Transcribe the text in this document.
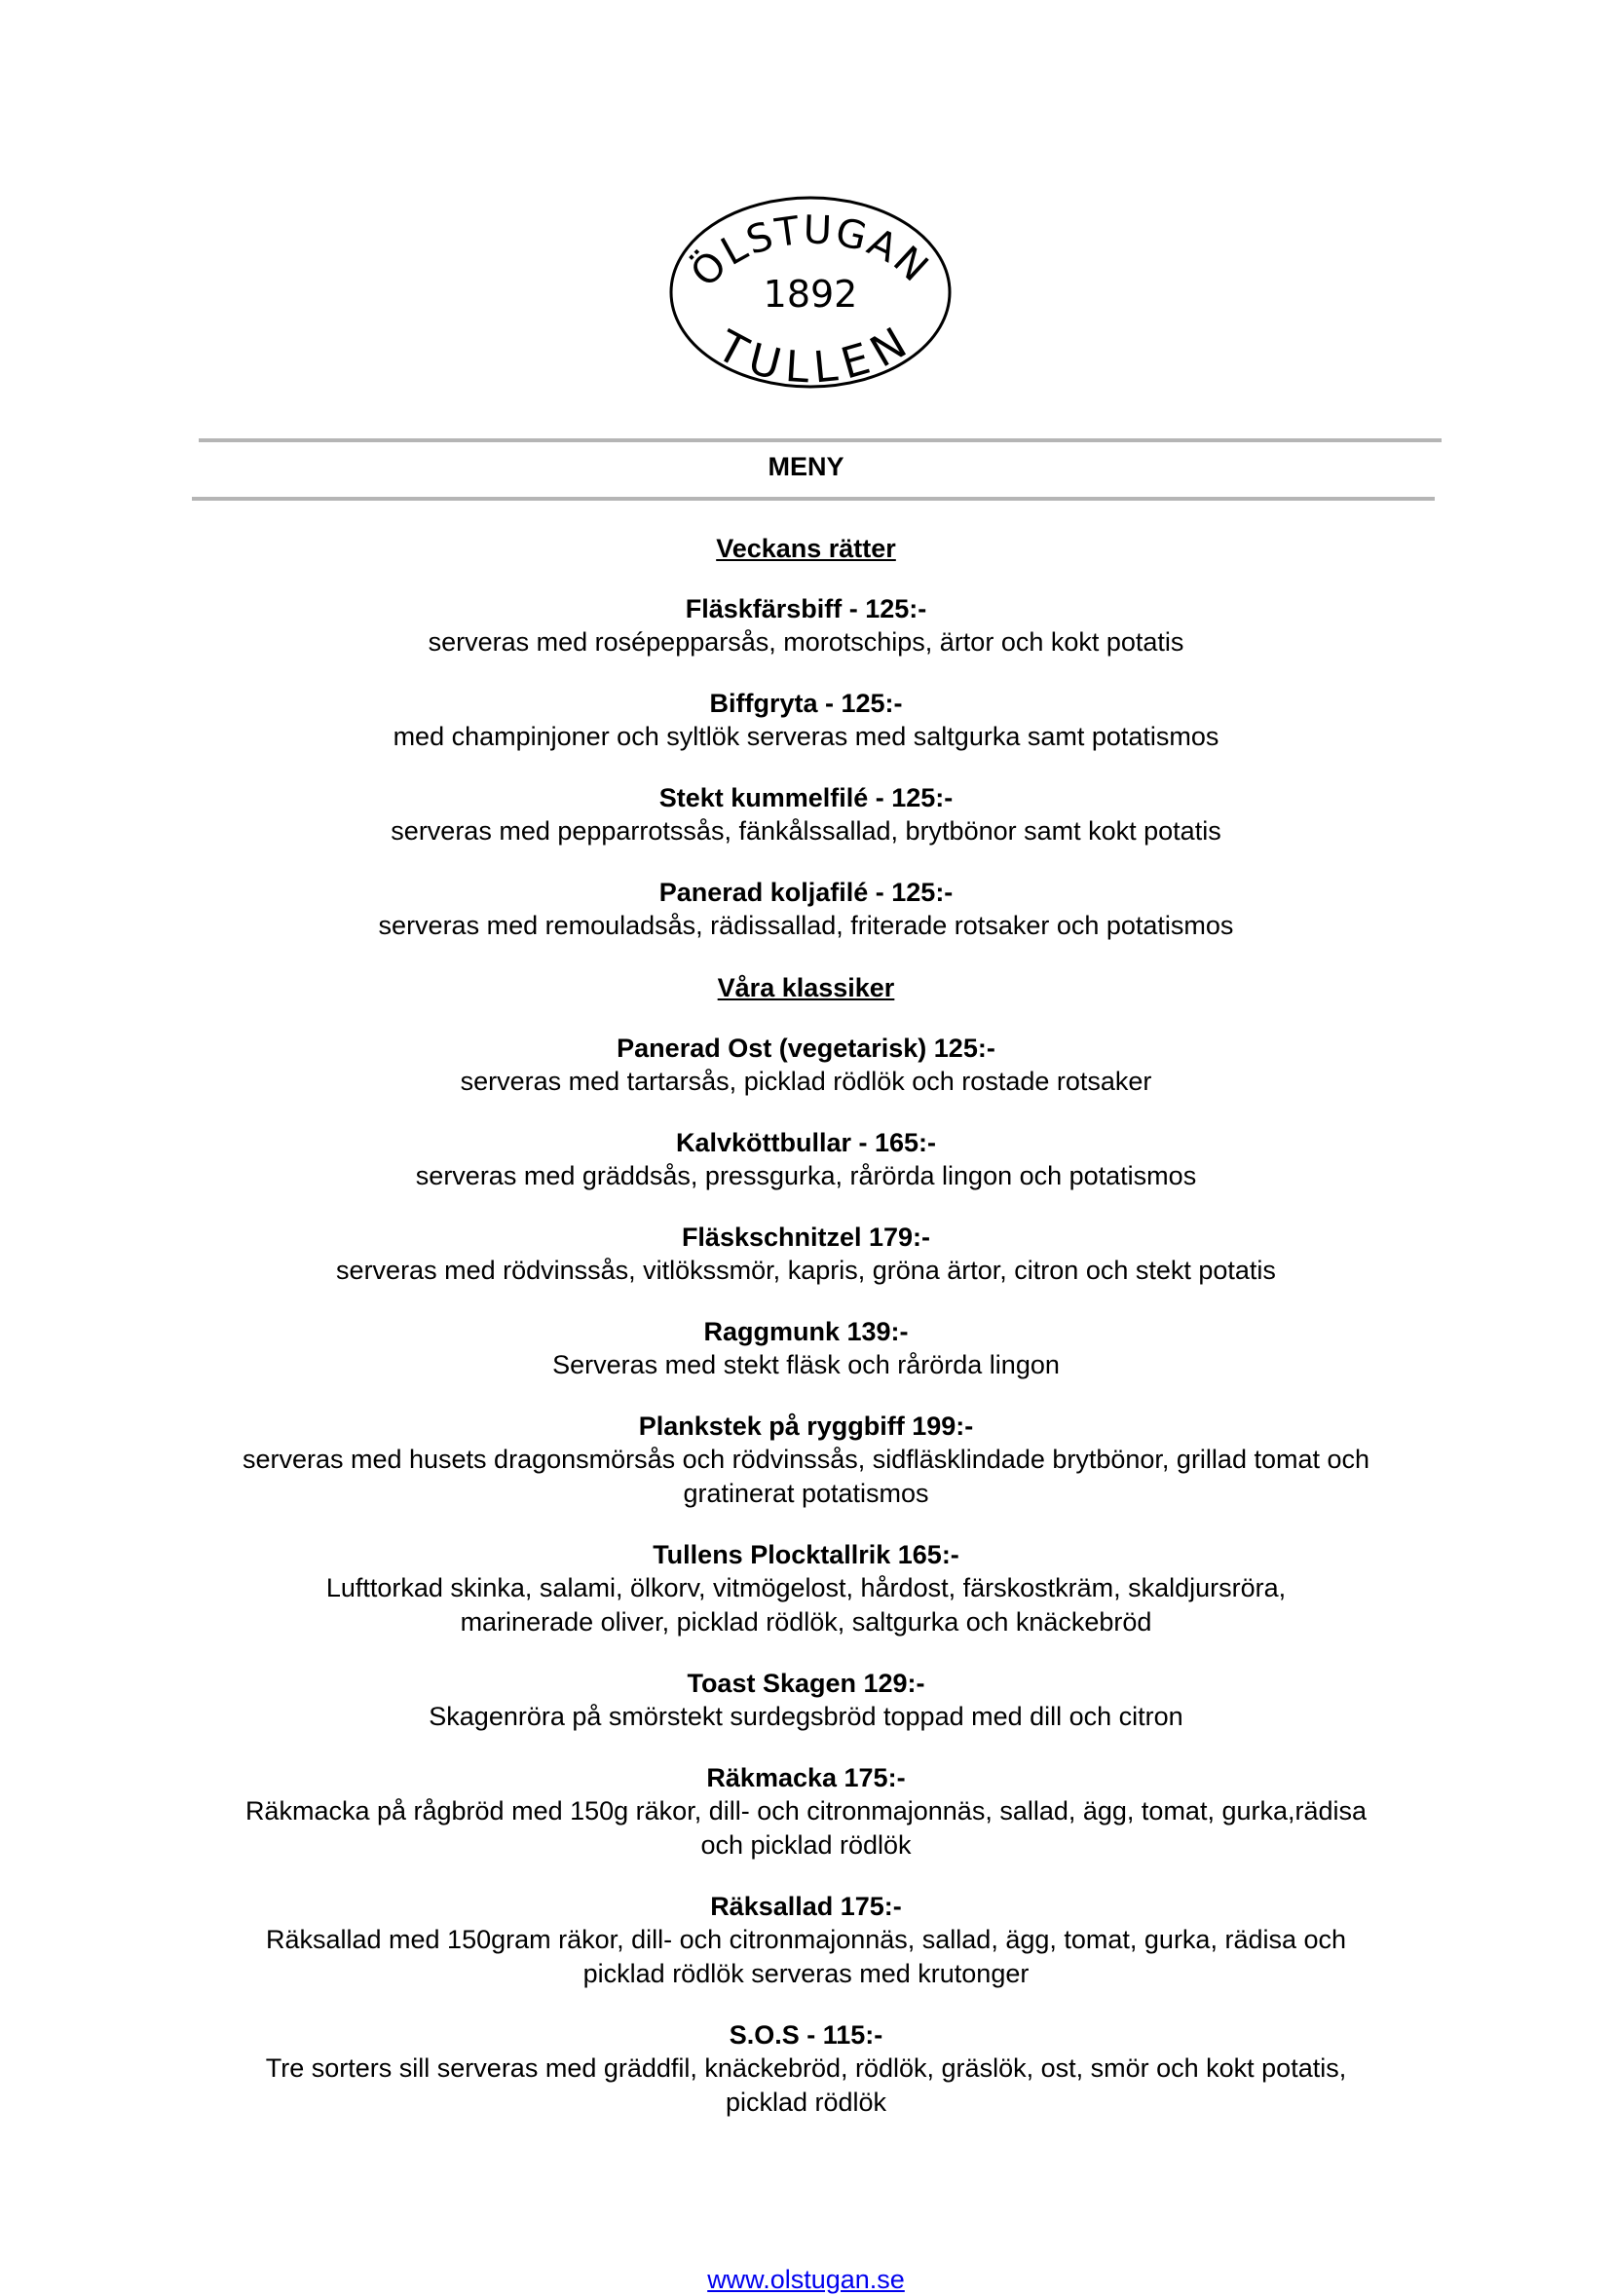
ÖLSTUGAN
1892
TULLEN
MENY
Veckans rätter
Fläskfärsbiff - 125:-
serveras med rosépepparsås, morotschips, ärtor och kokt potatis
Biffgryta - 125:-
med champinjoner och syltlök serveras med saltgurka samt potatismos
Stekt kummelfilé - 125:-
serveras med pepparrotssås, fänkålssallad, brytbönor samt kokt potatis
Panerad koljafilé - 125:-
serveras med remouladsås, rädissallad, friterade rotsaker och potatismos
Våra klassiker
Panerad Ost (vegetarisk) 125:-
serveras med tartarsås, picklad rödlök och rostade rotsaker
Kalvköttbullar - 165:-
serveras med gräddsås, pressgurka, rårörda lingon och potatismos
Fläskschnitzel 179:-
serveras med rödvinssås, vitlökssmör, kapris, gröna ärtor, citron och stekt potatis
Raggmunk 139:-
Serveras med stekt fläsk och rårörda lingon
Plankstek på ryggbiff 199:-
serveras med husets dragonsmörsås och rödvinssås, sidfläsklindade brytbönor, grillad tomat och
gratinerat potatismos
Tullens Plocktallrik 165:-
Lufttorkad skinka, salami, ölkorv, vitmögelost, hårdost, färskostkräm, skaldjursröra,
marinerade oliver, picklad rödlök, saltgurka och knäckebröd
Toast Skagen 129:-
Skagenröra på smörstekt surdegsbröd toppad med dill och citron
Räkmacka 175:-
Räkmacka på rågbröd med 150g räkor, dill- och citronmajonnäs, sallad, ägg, tomat, gurka,rädisa
och picklad rödlök
Räksallad 175:-
Räksallad med 150gram räkor, dill- och citronmajonnäs, sallad, ägg, tomat, gurka, rädisa och
picklad rödlök serveras med krutonger
S.O.S - 115:-
Tre sorters sill serveras med gräddfil, knäckebröd, rödlök, gräslök, ost, smör och kokt potatis,
picklad rödlök
www.olstugan.se
